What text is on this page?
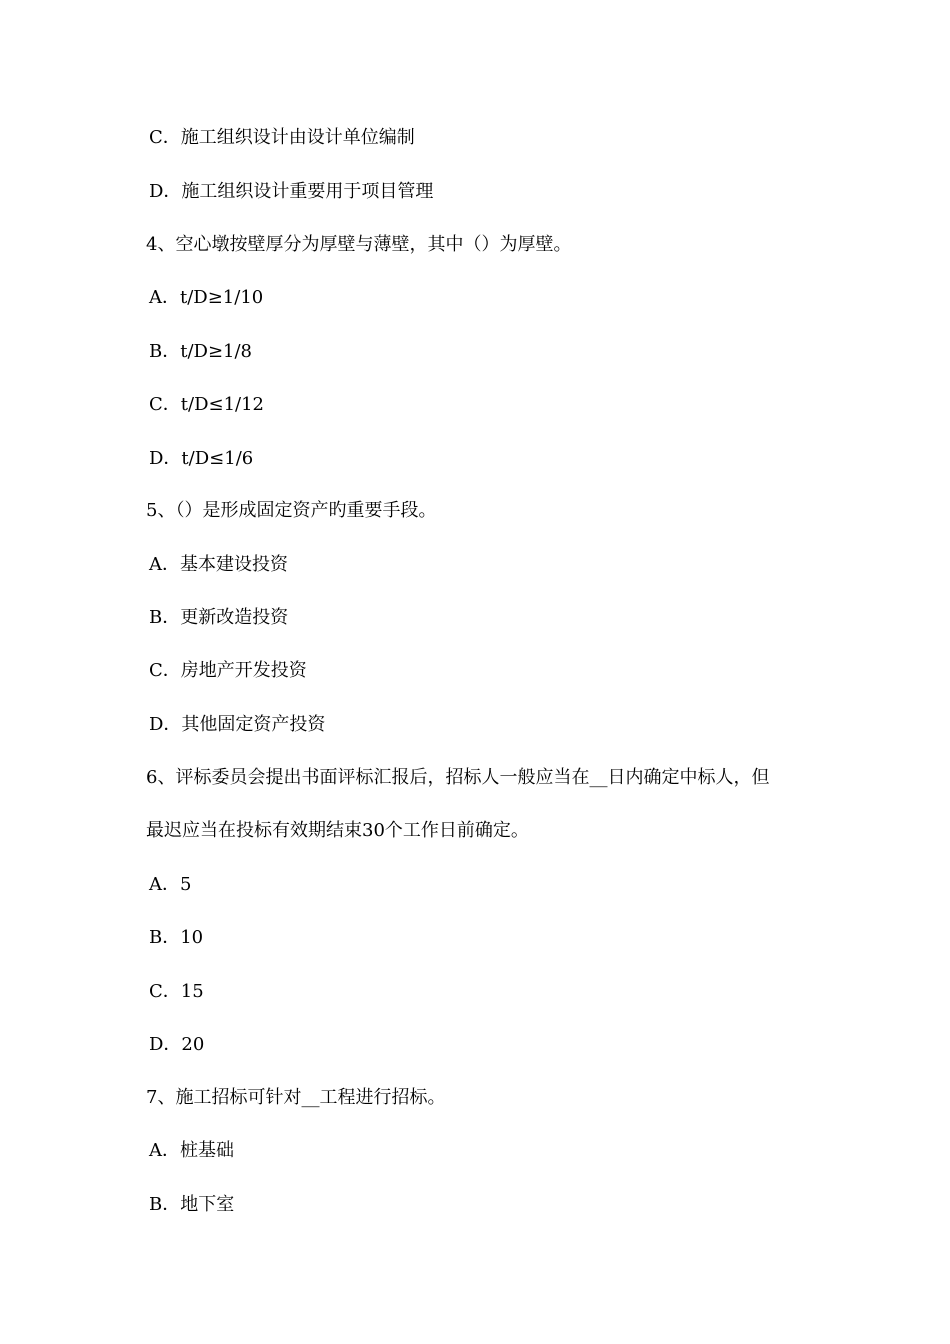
C．施工组织设计由设计单位编制
D．施工组织设计重要用于项目管理
4、空心墩按壁厚分为厚壁与薄壁，其中（）为厚壁。
A．t/D≥1/10
B．t/D≥1/8
C．t/D≤1/12
D．t/D≤1/6
5、（）是形成固定资产旳重要手段。
A．基本建设投资
B．更新改造投资
C．房地产开发投资
D．其他固定资产投资
6、评标委员会提出书面评标汇报后，招标人一般应当在__日内确定中标人，但
最迟应当在投标有效期结束30个工作日前确定。
A．5
B．10
C．15
D．20
7、施工招标可针对__工程进行招标。
A．桩基础
B．地下室
